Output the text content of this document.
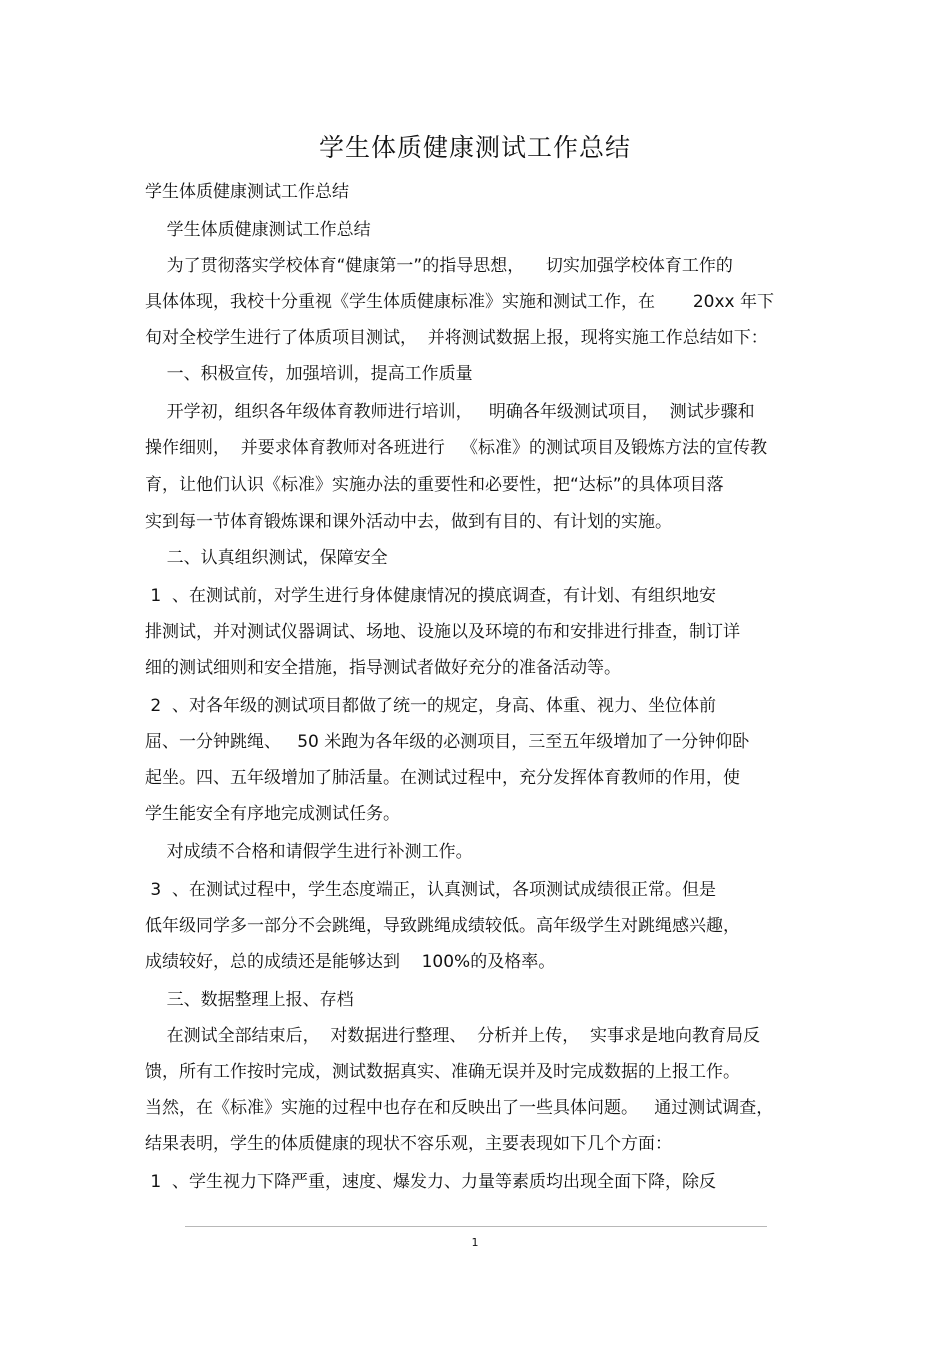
学生体质健康测试工作总结
学生体质健康测试工作总结
学生体质健康测试工作总结
为了贯彻落实学校体育“健康第一”的指导思想，    切实加强学校体育工作的
具体体现，我校十分重视《学生体质健康标准》实施和测试工作，在       20xx 年下
旬对全校学生进行了体质项目测试，  并将测试数据上报，现将实施工作总结如下：
一、积极宣传，加强培训，提高工作质量
开学初，组织各年级体育教师进行培训，   明确各年级测试项目，  测试步骤和
操作细则，  并要求体育教师对各班进行   《标准》的测试项目及锻炼方法的宣传教
育，让他们认识《标准》实施办法的重要性和必要性，把“达标”的具体项目落
实到每一节体育锻炼课和课外活动中去，做到有目的、有计划的实施。
二、认真组织测试，保障安全
1  、在测试前，对学生进行身体健康情况的摸底调查，有计划、有组织地安
排测试，并对测试仪器调试、场地、设施以及环境的布和安排进行排查，制订详
细的测试细则和安全措施，指导测试者做好充分的准备活动等。
2  、对各年级的测试项目都做了统一的规定，身高、体重、视力、坐位体前
屈、一分钟跳绳、   50 米跑为各年级的必测项目，三至五年级增加了一分钟仰卧
起坐。四、五年级增加了肺活量。在测试过程中，充分发挥体育教师的作用，使
学生能安全有序地完成测试任务。
对成绩不合格和请假学生进行补测工作。
3  、在测试过程中，学生态度端正，认真测试，各项测试成绩很正常。但是
低年级同学多一部分不会跳绳，导致跳绳成绩较低。高年级学生对跳绳感兴趣，
成绩较好，总的成绩还是能够达到    100%的及格率。
三、数据整理上报、存档
在测试全部结束后，  对数据进行整理、  分析并上传，  实事求是地向教育局反
馈，所有工作按时完成，测试数据真实、准确无误并及时完成数据的上报工作。
当然，在《标准》实施的过程中也存在和反映出了一些具体问题。   通过测试调查，
结果表明，学生的体质健康的现状不容乐观，主要表现如下几个方面：
1  、学生视力下降严重，速度、爆发力、力量等素质均出现全面下降，除反
1
